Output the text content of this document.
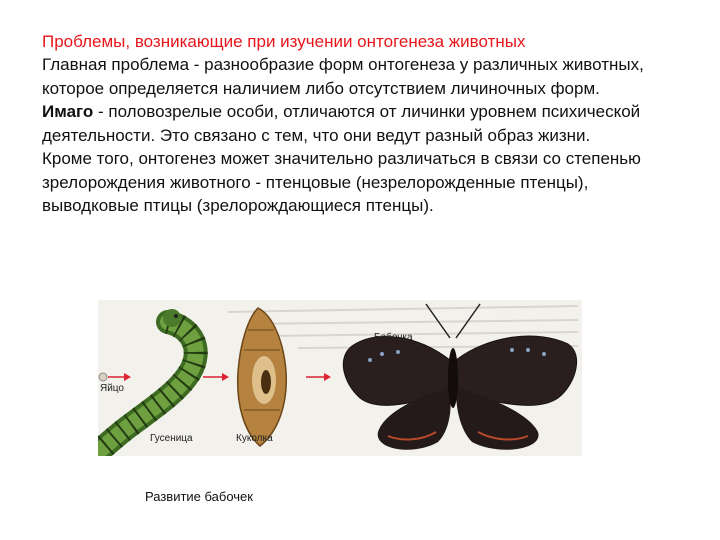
Проблемы, возникающие при изучении онтогенеза животных

Главная проблема - разнообразие форм онтогенеза у различных животных, которое определяется наличием либо отсутствием личиночных форм.

Имаго - половозрелые особи, отличаются от личинки уровнем психической деятельности. Это связано с тем, что они ведут разный образ жизни.

Кроме того, онтогенез может значительно различаться в связи со степенью зрелорождения животного - птенцовые (незрелорожденные птенцы), выводковые птицы (зрелорождающиеся птенцы).

Яйцо
Гусеница	Куколка
Бабочка
Развитие бабочек
